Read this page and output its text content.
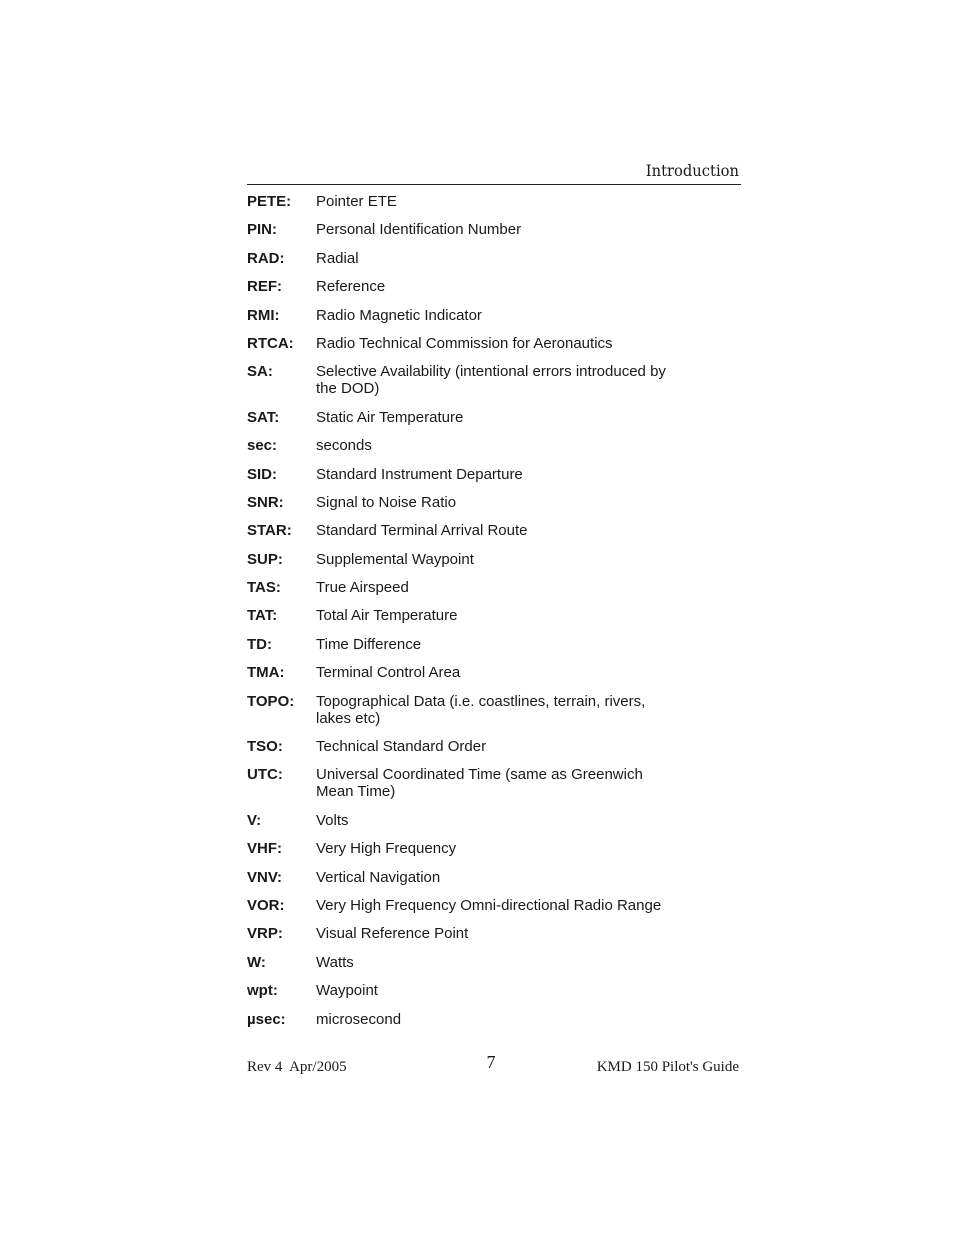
Introduction
PETE:	Pointer ETE
PIN:	Personal Identification Number
RAD:	Radial
REF:	Reference
RMI:	Radio Magnetic Indicator
RTCA:	Radio Technical Commission for Aeronautics
SA:	Selective Availability (intentional errors introduced by the DOD)
SAT:	Static Air Temperature
sec:	seconds
SID:	Standard Instrument Departure
SNR:	Signal to Noise Ratio
STAR:	Standard Terminal Arrival Route
SUP:	Supplemental Waypoint
TAS:	True Airspeed
TAT:	Total Air Temperature
TD:	Time Difference
TMA:	Terminal Control Area
TOPO:	Topographical Data (i.e. coastlines, terrain, rivers, lakes etc)
TSO:	Technical Standard Order
UTC:	Universal Coordinated Time (same as Greenwich Mean Time)
V:	Volts
VHF:	Very High Frequency
VNV:	Vertical Navigation
VOR:	Very High Frequency Omni-directional Radio Range
VRP:	Visual Reference Point
W:	Watts
wpt:	Waypoint
µsec:	microsecond
Rev 4  Apr/2005	7	KMD 150 Pilot's Guide
